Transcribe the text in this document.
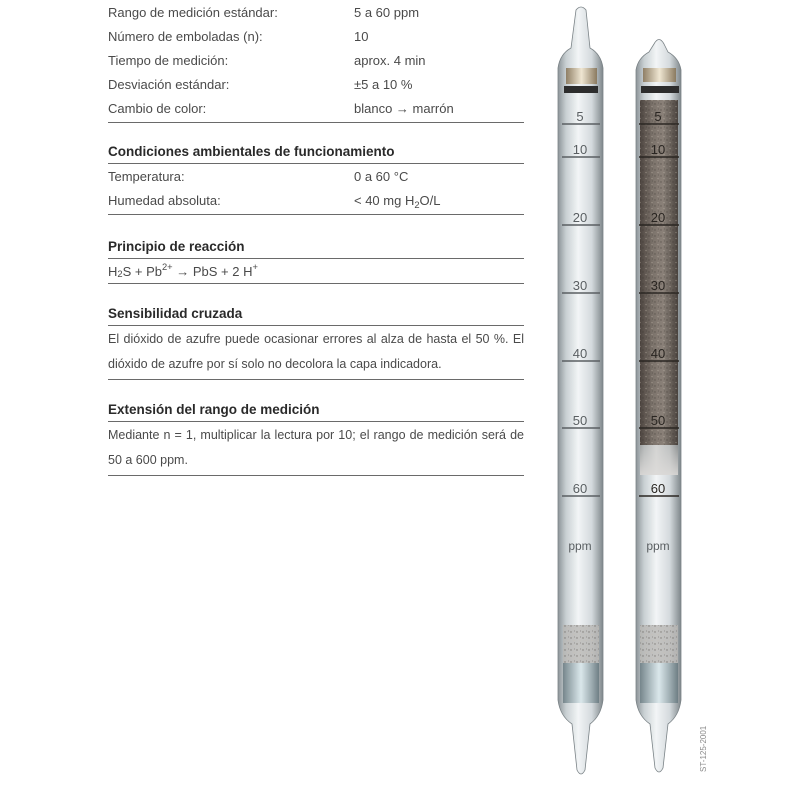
Rango de medición estándar:	5 a 60 ppm
Número de emboladas (n):	10
Tiempo de medición:	aprox. 4 min
Desviación estándar:	±5 a 10 %
Cambio de color:	blanco → marrón
Condiciones ambientales de funcionamiento
Temperatura:	0 a 60 °C
Humedad absoluta:	< 40 mg $H_2O/L$
Principio de reacción
H 2 S + Pb 2+ → PbS + 2 H +
Sensibilidad cruzada
El dióxido de azufre puede ocasionar errores al alza de hasta el 50 %. El dióxido de azufre por sí solo no decolora la capa indicadora.
Extensión del rango de medición
Mediante n = 1, multiplicar la lectura por 10; el rango de medición será de 50 a 600 ppm.
5
10
20
30
40
50
60
ppm
5
10
20
30
40
50
60
ppm
ST-125-2001
